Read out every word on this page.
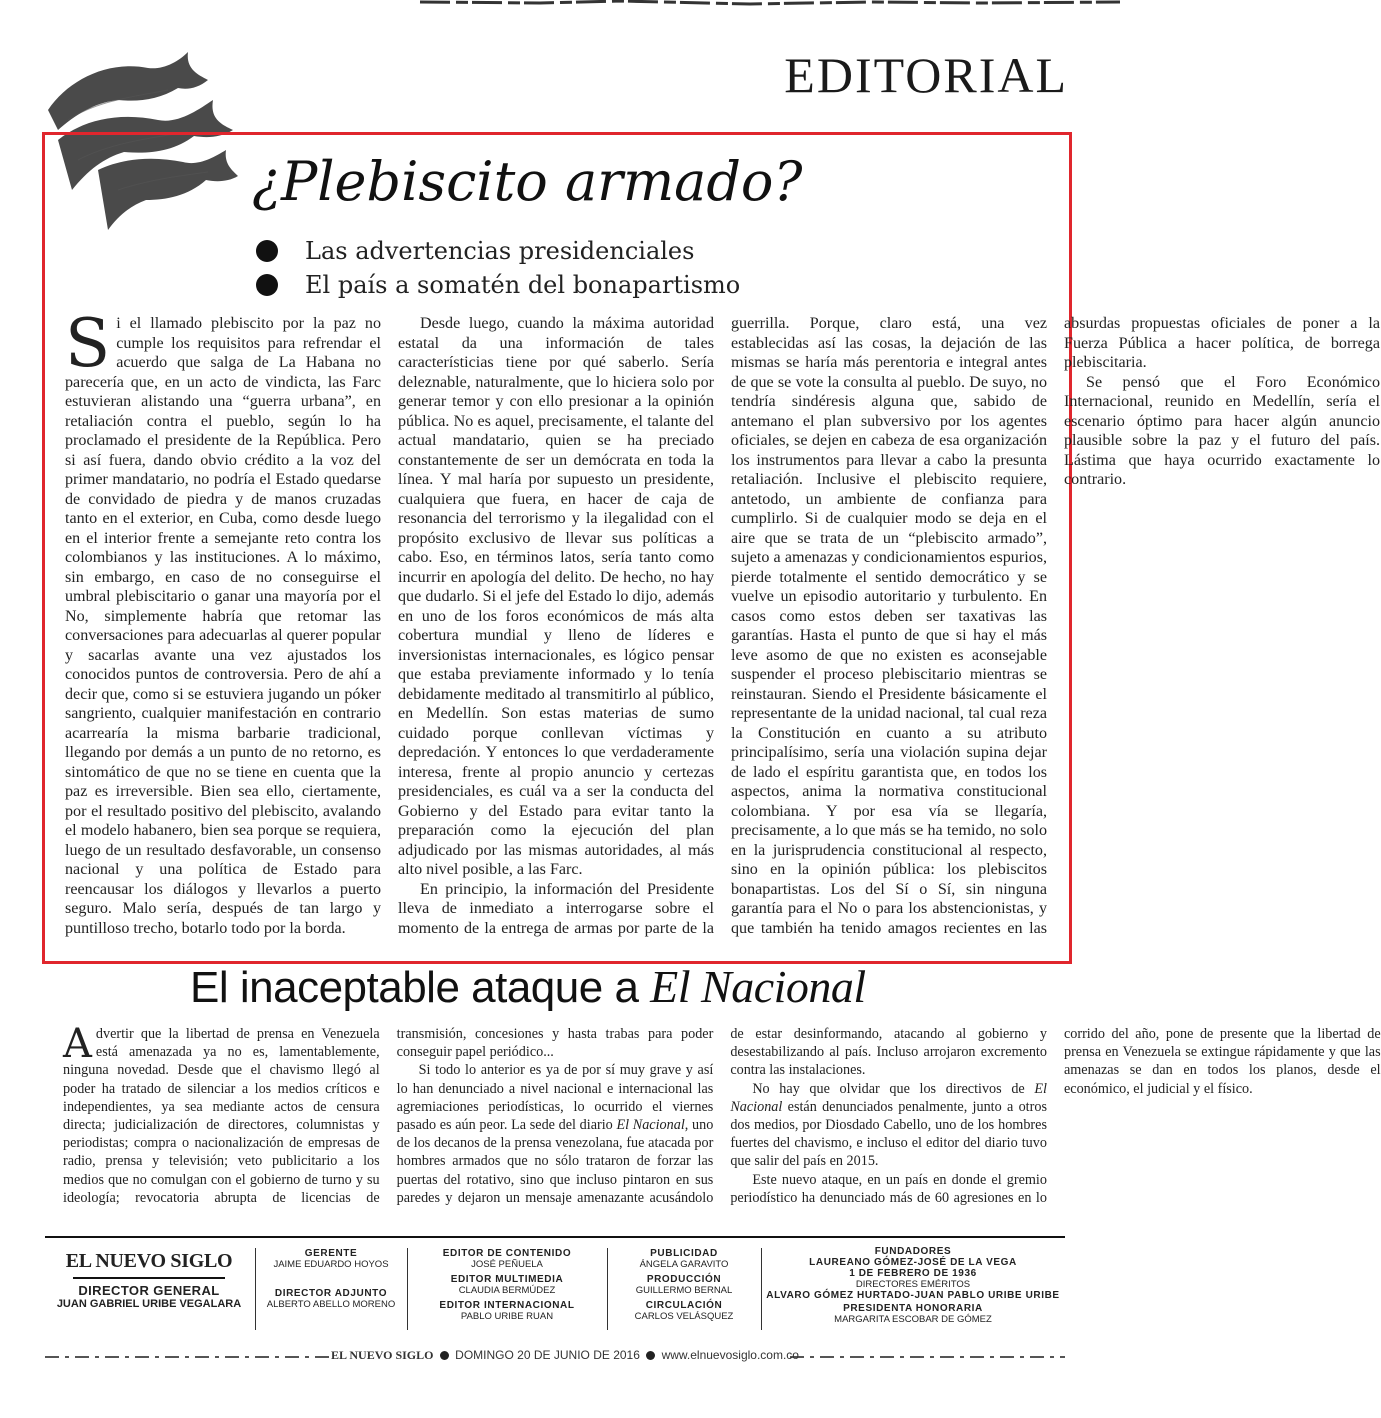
EDITORIAL
¿Plebiscito armado?
Las advertencias presidenciales
El país a somatén del bonapartismo

Si el llamado plebiscito por la paz no cumple los requisitos para refrendar el acuerdo que salga de La Habana no parecería que, en un acto de vindicta, las Farc estuvieran alistando una “guerra urbana”, en retaliación contra el pueblo, según lo ha proclamado el presidente de la República. Pero si así fuera, dando obvio crédito a la voz del primer mandatario, no podría el Estado quedarse de convidado de piedra y de manos cruzadas tanto en el exterior, en Cuba, como desde luego en el interior frente a semejante reto contra los colombianos y las instituciones. A lo máximo, sin embargo, en caso de no conseguirse el umbral plebiscitario o ganar una mayoría por el No, simplemente habría que retomar las conversaciones para adecuarlas al querer popular y sacarlas avante una vez ajustados los conocidos puntos de controversia. Pero de ahí a decir que, como si se estuviera jugando un póker sangriento, cualquier manifestación en contrario acarrearía la misma barbarie tradicional, llegando por demás a un punto de no retorno, es sintomático de que no se tiene en cuenta que la paz es irreversible. Bien sea ello, ciertamente, por el resultado positivo del plebiscito, avalando el modelo habanero, bien sea porque se requiera, luego de un resultado desfavorable, un consenso nacional y una política de Estado para reencausar los diálogos y llevarlos a puerto seguro. Malo sería, después de tan largo y puntilloso trecho, botarlo todo por la borda.

Desde luego, cuando la máxima autoridad estatal da una información de tales característicias tiene por qué saberlo. Sería deleznable, naturalmente, que lo hiciera solo por generar temor y con ello presionar a la opinión pública. No es aquel, precisamente, el talante del actual mandatario, quien se ha preciado constantemente de ser un demócrata en toda la línea. Y mal haría por supuesto un presidente, cualquiera que fuera, en hacer de caja de resonancia del terrorismo y la ilegalidad con el propósito exclusivo de llevar sus políticas a cabo. Eso, en términos latos, sería tanto como incurrir en apología del delito. De hecho, no hay que dudarlo. Si el jefe del Estado lo dijo, además en uno de los foros económicos de más alta cobertura mundial y lleno de líderes e inversionistas internacionales, es lógico pensar que estaba previamente informado y lo tenía debidamente meditado al transmitirlo al público, en Medellín. Son estas materias de sumo cuidado porque conllevan víctimas y depredación. Y entonces lo que verdaderamente interesa, frente al propio anuncio y certezas presidenciales, es cuál va a ser la conducta del Gobierno y del Estado para evitar tanto la preparación como la ejecución del plan adjudicado por las mismas autoridades, al más alto nivel posible, a las Farc.

En principio, la información del Presidente lleva de inmediato a interrogarse sobre el momento de la entrega de armas por parte de la guerrilla. Porque, claro está, una vez establecidas así las cosas, la dejación de las mismas se haría más perentoria e integral antes de que se vote la consulta al pueblo. De suyo, no tendría sindéresis alguna que, sabido de antemano el plan subversivo por los agentes oficiales, se dejen en cabeza de esa organización los instrumentos para llevar a cabo la presunta retaliación. Inclusive el plebiscito requiere, antetodo, un ambiente de confianza para cumplirlo. Si de cualquier modo se deja en el aire que se trata de un “plebiscito armado”, sujeto a amenazas y condicionamientos espurios, pierde totalmente el sentido democrático y se vuelve un episodio autoritario y turbulento. En casos como estos deben ser taxativas las garantías. Hasta el punto de que si hay el más leve asomo de que no existen es aconsejable suspender el proceso plebiscitario mientras se reinstauran. Siendo el Presidente básicamente el representante de la unidad nacional, tal cual reza la Constitución en cuanto a su atributo principalísimo, sería una violación supina dejar de lado el espíritu garantista que, en todos los aspectos, anima la normativa constitucional colombiana. Y por esa vía se llegaría, precisamente, a lo que más se ha temido, no solo en la jurisprudencia constitucional al respecto, sino en la opinión pública: los plebiscitos bonapartistas. Los del Sí o Sí, sin ninguna garantía para el No o para los abstencionistas, y que también ha tenido amagos recientes en las absurdas propuestas oficiales de poner a la Fuerza Pública a hacer política, de borrega plebiscitaria.

Se pensó que el Foro Económico Internacional, reunido en Medellín, sería el escenario óptimo para hacer algún anuncio plausible sobre la paz y el futuro del país. Lástima que haya ocurrido exactamente lo contrario.

El inaceptable ataque a El Nacional

Advertir que la libertad de prensa en Venezuela está amenazada ya no es, lamentablemente, ninguna novedad. Desde que el chavismo llegó al poder ha tratado de silenciar a los medios críticos e independientes, ya sea mediante actos de censura directa; judicialización de directores, columnistas y periodistas; compra o nacionalización de empresas de radio, prensa y televisión; veto publicitario a los medios que no comulgan con el gobierno de turno y su ideología; revocatoria abrupta de licencias de transmisión, concesiones y hasta trabas para poder conseguir papel periódico...

Si todo lo anterior es ya de por sí muy grave y así lo han denunciado a nivel nacional e internacional las agremiaciones periodísticas, lo ocurrido el viernes pasado es aún peor. La sede del diario El Nacional, uno de los decanos de la prensa venezolana, fue atacada por hombres armados que no sólo trataron de forzar las puertas del rotativo, sino que incluso pintaron en sus paredes y dejaron un mensaje amenazante acusándolo de estar desinformando, atacando al gobierno y desestabilizando al país. Incluso arrojaron excremento contra las instalaciones.

No hay que olvidar que los directivos de El Nacional están denunciados penalmente, junto a otros dos medios, por Diosdado Cabello, uno de los hombres fuertes del chavismo, e incluso el editor del diario tuvo que salir del país en 2015.

Este nuevo ataque, en un país en donde el gremio periodístico ha denunciado más de 60 agresiones en lo corrido del año, pone de presente que la libertad de prensa en Venezuela se extingue rápidamente y que las amenazas se dan en todos los planos, desde el económico, el judicial y el físico.

EL NUEVO SIGLO
DIRECTOR GENERAL
JUAN GABRIEL URIBE VEGALARA
GERENTE
JAIME EDUARDO HOYOS
DIRECTOR ADJUNTO
ALBERTO ABELLO MORENO
EDITOR DE CONTENIDO
JOSÉ PEÑUELA
EDITOR MULTIMEDIA
CLAUDIA BERMÚDEZ
EDITOR INTERNACIONAL
PABLO URIBE RUAN
PUBLICIDAD
ÁNGELA GARAVITO
PRODUCCIÓN
GUILLERMO BERNAL
CIRCULACIÓN
CARLOS VELÁSQUEZ
FUNDADORES
LAUREANO GÓMEZ-JOSÉ DE LA VEGA
1 DE FEBRERO DE 1936
DIRECTORES EMÉRITOS
ALVARO GÓMEZ HURTADO-JUAN PABLO URIBE URIBE
PRESIDENTA HONORARIA
MARGARITA ESCOBAR DE GÓMEZ
EL NUEVO SIGLO DOMINGO 20 DE JUNIO DE 2016 www.elnuevosiglo.com.co
